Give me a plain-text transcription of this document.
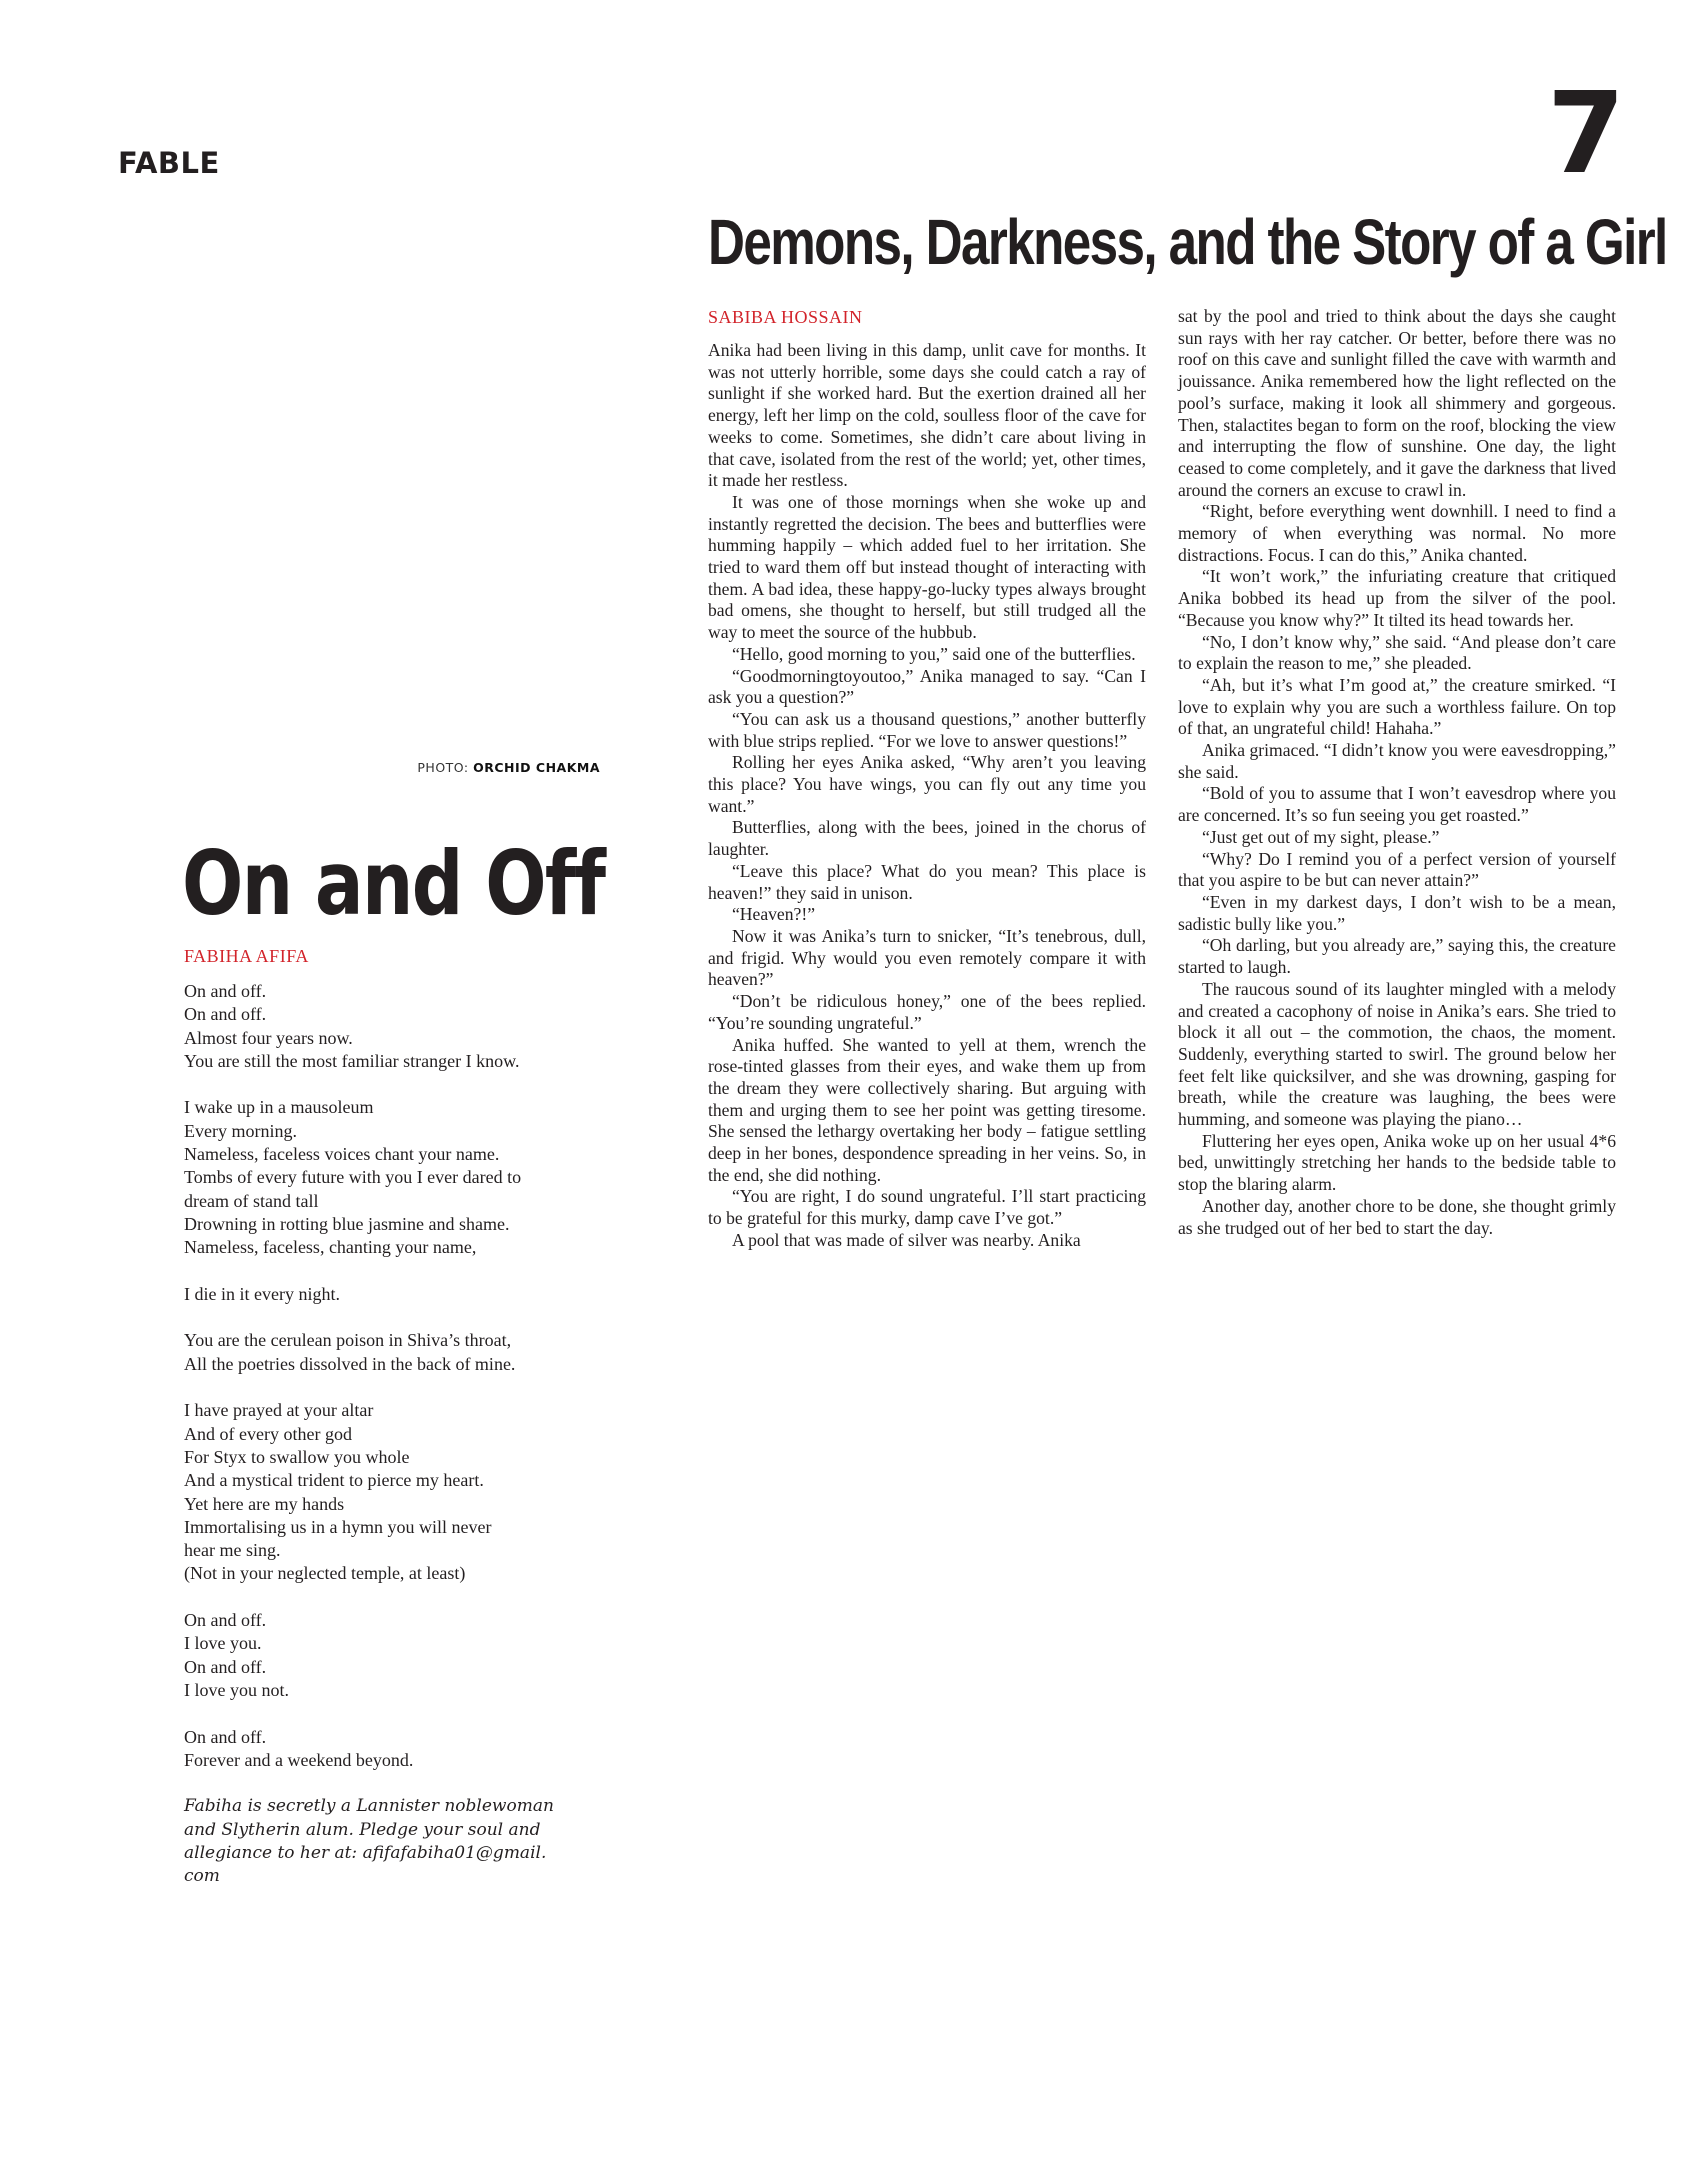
FABLE	7
Demons, Darkness, and the Story of a Girl
PHOTO: ORCHID CHAKMA
On and Off
FABIHA AFIFA
On and off.
On and off.
Almost four years now.
You are still the most familiar stranger I know.
I wake up in a mausoleum
Every morning.
Nameless, faceless voices chant your name.
Tombs of every future with you I ever dared to
dream of stand tall
Drowning in rotting blue jasmine and shame.
Nameless, faceless, chanting your name,
I die in it every night.
You are the cerulean poison in Shiva’s throat,
All the poetries dissolved in the back of mine.
I have prayed at your altar
And of every other god
For Styx to swallow you whole
And a mystical trident to pierce my heart.
Yet here are my hands
Immortalising us in a hymn you will never
hear me sing.
(Not in your neglected temple, at least)
On and off.
I love you.
On and off.
I love you not.
On and off.
Forever and a weekend beyond.
Fabiha is secretly a Lannister noblewoman
and Slytherin alum. Pledge your soul and
allegiance to her at: afifafabiha01@gmail.
com
SABIBA HOSSAIN

Anika had been living in this damp, unlit cave for months. It was not utterly horrible, some days she could catch a ray of sunlight if she worked hard. But the exertion drained all her energy, left her limp on the cold, soulless floor of the cave for weeks to come. Sometimes, she didn’t care about living in that cave, isolated from the rest of the world; yet, other times, it made her restless.

It was one of those mornings when she woke up and instantly regretted the decision. The bees and butterflies were humming happily – which added fuel to her irritation. She tried to ward them off but instead thought of interacting with them. A bad idea, these happy-go-lucky types always brought bad omens, she thought to herself, but still trudged all the way to meet the source of the hubbub.

“Hello, good morning to you,” said one of the butterflies.

“Goodmorningtoyoutoo,” Anika managed to say. “Can I ask you a question?”

“You can ask us a thousand questions,” another butterfly with blue strips replied. “For we love to answer questions!”

Rolling her eyes Anika asked, “Why aren’t you leaving this place? You have wings, you can fly out any time you want.”

Butterflies, along with the bees, joined in the chorus of laughter.

“Leave this place? What do you mean? This place is heaven!” they said in unison.

“Heaven?!”

Now it was Anika’s turn to snicker, “It’s tenebrous, dull, and frigid. Why would you even remotely compare it with heaven?”

“Don’t be ridiculous honey,” one of the bees replied. “You’re sounding ungrateful.”

Anika huffed. She wanted to yell at them, wrench the rose-tinted glasses from their eyes, and wake them up from the dream they were collectively sharing. But arguing with them and urging them to see her point was getting tiresome. She sensed the lethargy overtaking her body – fatigue settling deep in her bones, despondence spreading in her veins. So, in the end, she did nothing.

“You are right, I do sound ungrateful. I’ll start practicing to be grateful for this murky, damp cave I’ve got.”

A pool that was made of silver was nearby. Anika

sat by the pool and tried to think about the days she caught sun rays with her ray catcher. Or better, before there was no roof on this cave and sunlight filled the cave with warmth and jouissance. Anika remembered how the light reflected on the pool’s surface, making it look all shimmery and gorgeous. Then, stalactites began to form on the roof, blocking the view and interrupting the flow of sunshine. One day, the light ceased to come completely, and it gave the darkness that lived around the corners an excuse to crawl in.

“Right, before everything went downhill. I need to find a memory of when everything was normal. No more distractions. Focus. I can do this,” Anika chanted.

“It won’t work,” the infuriating creature that critiqued Anika bobbed its head up from the silver of the pool. “Because you know why?” It tilted its head towards her.

“No, I don’t know why,” she said. “And please don’t care to explain the reason to me,” she pleaded.

“Ah, but it’s what I’m good at,” the creature smirked. “I love to explain why you are such a worthless failure. On top of that, an ungrateful child! Hahaha.”

Anika grimaced. “I didn’t know you were eavesdropping,” she said.

“Bold of you to assume that I won’t eavesdrop where you are concerned. It’s so fun seeing you get roasted.”

“Just get out of my sight, please.”

“Why? Do I remind you of a perfect version of yourself that you aspire to be but can never attain?”

“Even in my darkest days, I don’t wish to be a mean, sadistic bully like you.”

“Oh darling, but you already are,” saying this, the creature started to laugh.

The raucous sound of its laughter mingled with a melody and created a cacophony of noise in Anika’s ears. She tried to block it all out – the commotion, the chaos, the moment. Suddenly, everything started to swirl. The ground below her feet felt like quicksilver, and she was drowning, gasping for breath, while the creature was laughing, the bees were humming, and someone was playing the piano…

Fluttering her eyes open, Anika woke up on her usual 4*6 bed, unwittingly stretching her hands to the bedside table to stop the blaring alarm.

Another day, another chore to be done, she thought grimly as she trudged out of her bed to start the day.
